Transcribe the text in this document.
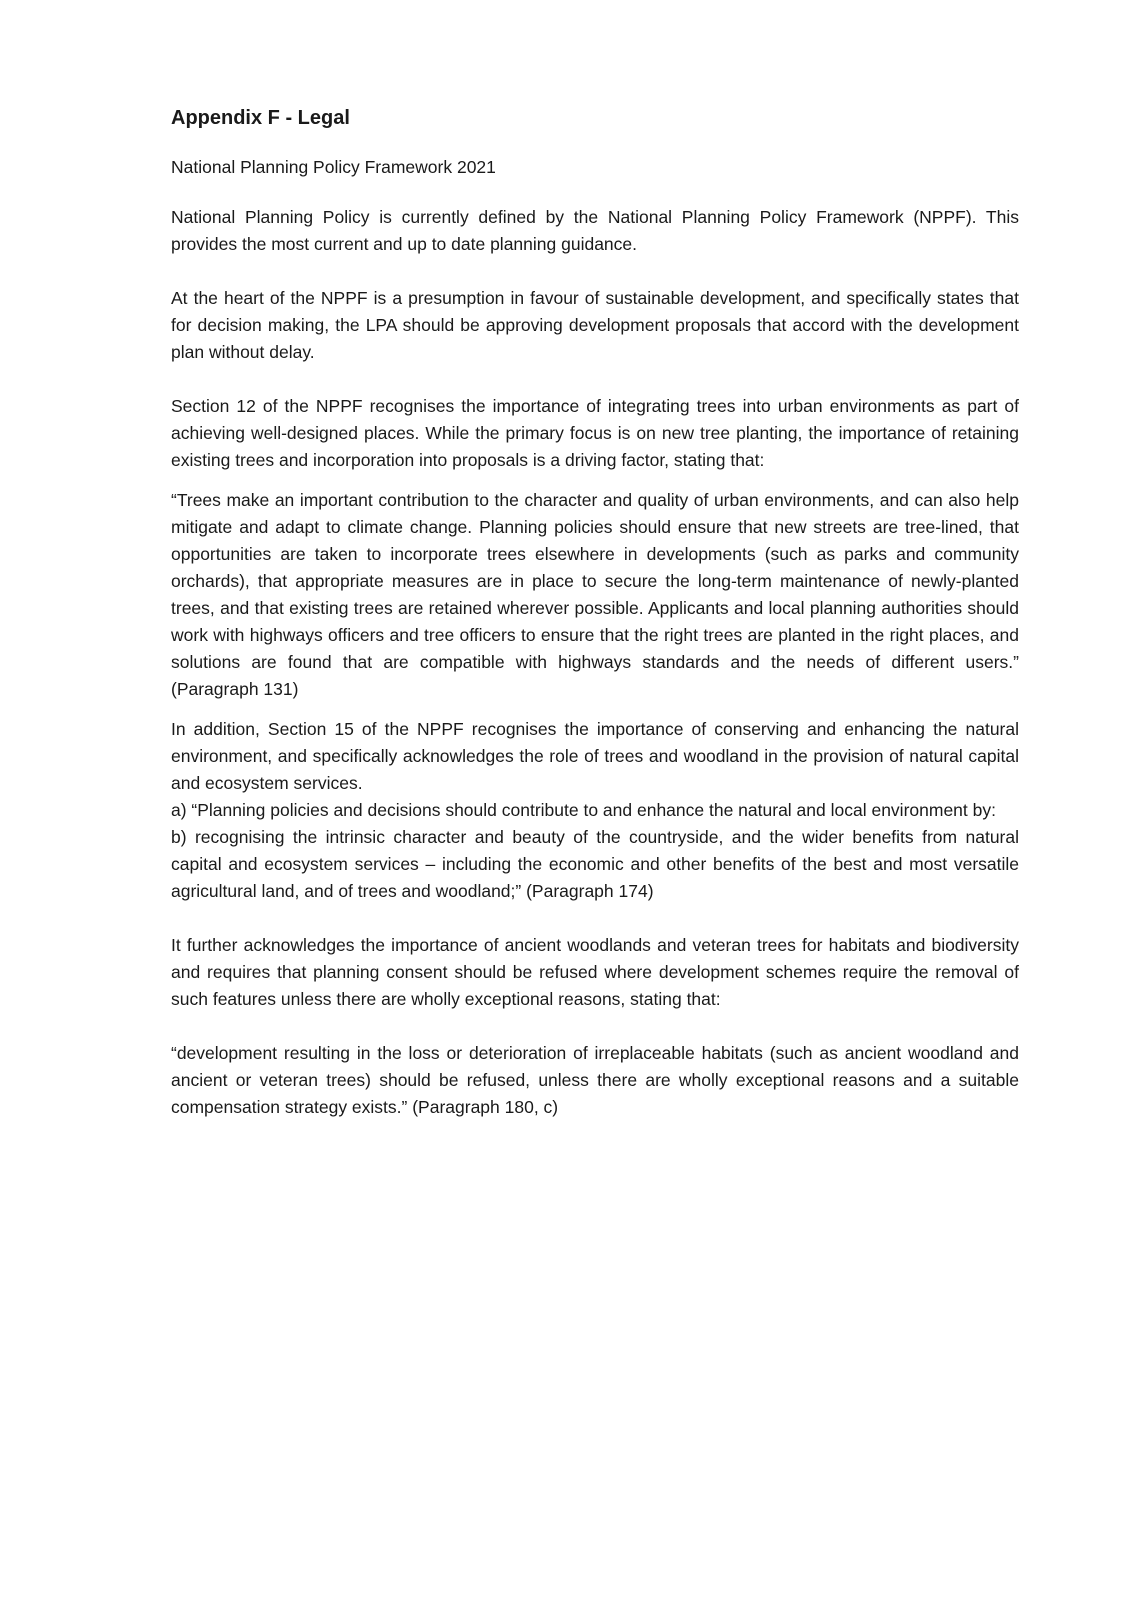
Appendix F - Legal
National Planning Policy Framework 2021

National Planning Policy is currently defined by the National Planning Policy Framework (NPPF). This provides the most current and up to date planning guidance.

At the heart of the NPPF is a presumption in favour of sustainable development, and specifically states that for decision making, the LPA should be approving development proposals that accord with the development plan without delay.

Section 12 of the NPPF recognises the importance of integrating trees into urban environments as part of achieving well-designed places. While the primary focus is on new tree planting, the importance of retaining existing trees and incorporation into proposals is a driving factor, stating that:

“Trees make an important contribution to the character and quality of urban environments, and can also help mitigate and adapt to climate change. Planning policies should ensure that new streets are tree-lined, that opportunities are taken to incorporate trees elsewhere in developments (such as parks and community orchards), that appropriate measures are in place to secure the long-term maintenance of newly-planted trees, and that existing trees are retained wherever possible. Applicants and local planning authorities should work with highways officers and tree officers to ensure that the right trees are planted in the right places, and solutions are found that are compatible with highways standards and the needs of different users.” (Paragraph 131)

In addition, Section 15 of the NPPF recognises the importance of conserving and enhancing the natural environment, and specifically acknowledges the role of trees and woodland in the provision of natural capital and ecosystem services.

a) “Planning policies and decisions should contribute to and enhance the natural and local environment by:

b) recognising the intrinsic character and beauty of the countryside, and the wider benefits from natural capital and ecosystem services – including the economic and other benefits of the best and most versatile agricultural land, and of trees and woodland;” (Paragraph 174)

It further acknowledges the importance of ancient woodlands and veteran trees for habitats and biodiversity and requires that planning consent should be refused where development schemes require the removal of such features unless there are wholly exceptional reasons, stating that:

“development resulting in the loss or deterioration of irreplaceable habitats (such as ancient woodland and ancient or veteran trees) should be refused, unless there are wholly exceptional reasons and a suitable compensation strategy exists.” (Paragraph 180, c)
